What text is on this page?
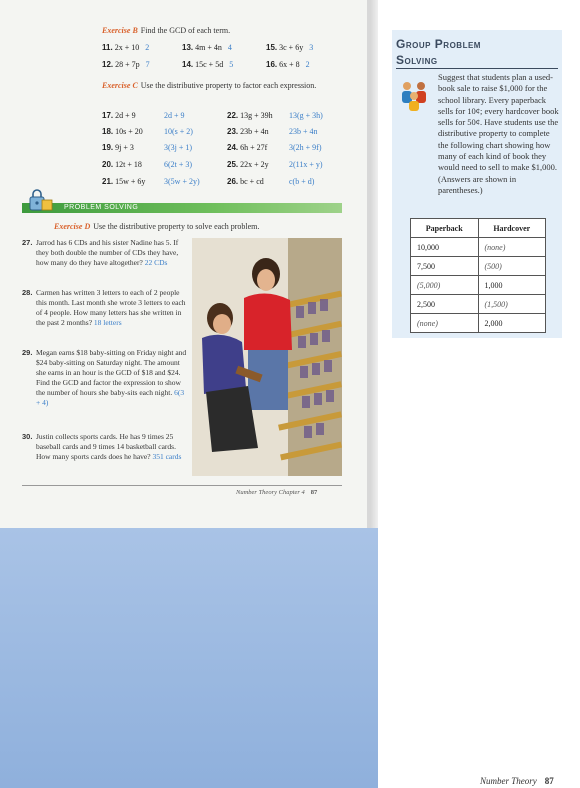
Exercise B Find the GCD of each term.
11. 2x + 10 2	13. 4m + 4n 4	15. 3c + 6y 3
12. 28 + 7p 7	14. 15c + 5d 5	16. 6x + 8 2
Exercise C Use the distributive property to factor each expression.
17. 2d + 9	2d + 9	22. 13g + 39h 13(g + 3h)
18. 10s + 20	10(s + 2)	23. 23b + 4n	23b + 4n
19. 9j + 3	3(3j + 1)	24. 6h + 27f	3(2h + 9f)
20. 12t + 18	6(2t + 3)	25. 22x + 2y	2(11x + y)
21. 15w + 6y 3(5w + 2y)	26. bc + cd	c(b + d)
PROBLEM SOLVING
Exercise D Use the distributive property to solve each problem.
27. Jarrod has 6 CDs and his sister Nadine has 5. If they both double the number of CDs they have, how many do they have altogether? 22 CDs
28. Carmen has written 3 letters to each of 2 people this month. Last month she wrote 3 letters to each of 4 people. How many letters has she written in the past 2 months? 18 letters
29. Megan earns $18 baby-sitting on Friday night and $24 baby-sitting on Saturday night. The amount she earns in an hour is the GCD of $18 and $24. Find the GCD and factor the expression to show the number of hours she baby-sits each night. 6(3 + 4)
30. Justin collects sports cards. He has 9 times 25 baseball cards and 9 times 14 basketball cards. How many sports cards does he have? 351 cards
Number Theory Chapter 4 87
Group Problem
Solving
Suggest that students plan a used-book sale to raise $1,000 for the school library. Every paperback sells for 10¢; every hardcover book sells for 50¢. Have students use the distributive property to complete the following chart showing how many of each kind of book they would need to sell to make $1,000. (Answers are shown in parentheses.)
Paperback	Hardcover
10,000	(none)
7,500	(500)
(5,000)	1,000
2,500	(1,500)
(none)	2,000
Number Theory 87
